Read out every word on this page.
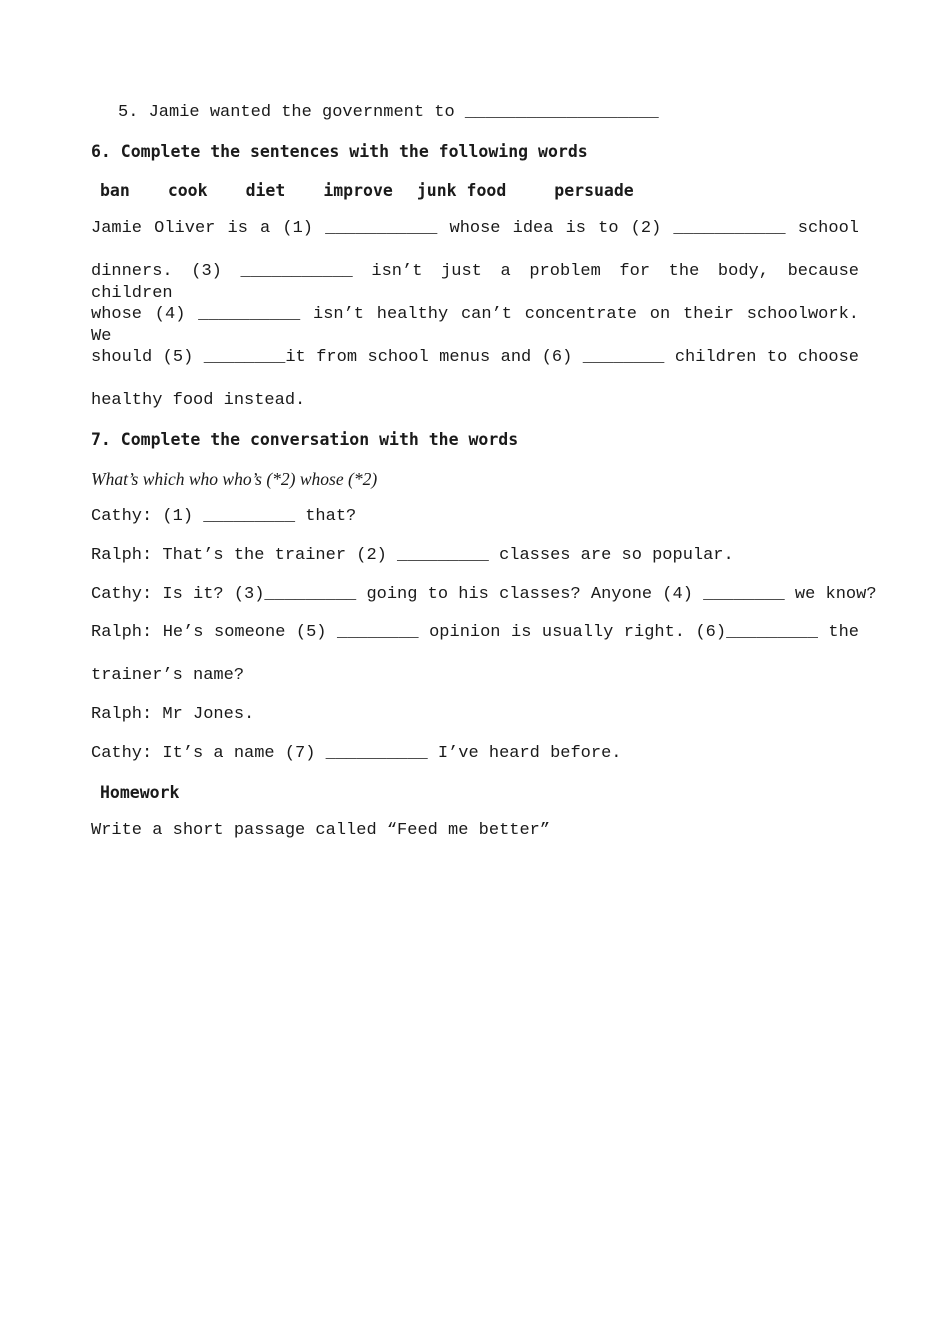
5. Jamie wanted the government to ___________________
6. Complete the sentences with the following words
ban cook diet improve junk food	persuade
Jamie Oliver is a (1) ___________ whose idea is to (2) ___________ school
dinners. (3) ___________ isn’t just a problem for the body, because children
whose (4) __________ isn’t healthy can’t concentrate on their schoolwork. We
should (5) ________it from school menus and (6) ________ children to choose
healthy food instead.
7. Complete the conversation with the words
What’s which who who’s (*2) whose (*2)
Cathy: (1) _________ that?
Ralph: That’s the trainer (2) _________ classes are so popular.
Cathy: Is it? (3)_________ going to his classes? Anyone (4) ________ we know?
Ralph: He’s someone (5) ________ opinion is usually right. (6)_________ the
trainer’s name?
Ralph: Mr Jones.
Cathy: It’s a name (7) __________ I’ve heard before.
Homework
Write a short passage called “Feed me better”
